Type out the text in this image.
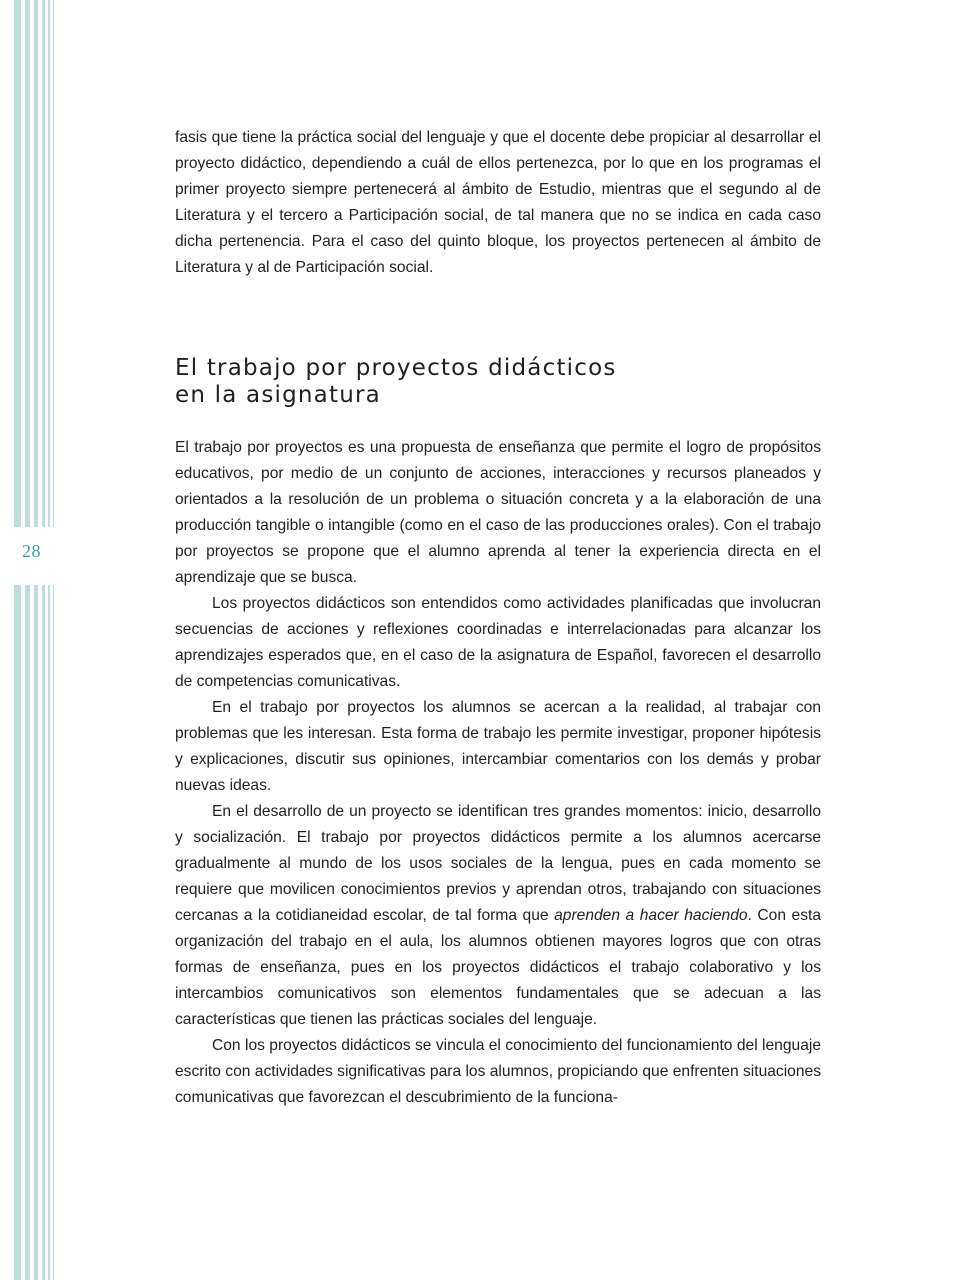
28

fasis que tiene la práctica social del lenguaje y que el docente debe propiciar al desarrollar el proyecto didáctico, dependiendo a cuál de ellos pertenezca, por lo que en los programas el primer proyecto siempre pertenecerá al ámbito de Estudio, mientras que el segundo al de Literatura y el tercero a Participación social, de tal manera que no se indica en cada caso dicha pertenencia. Para el caso del quinto bloque, los proyectos pertenecen al ámbito de Literatura y al de Participación social.

El trabajo por proyectos didácticos
en la asignatura

El trabajo por proyectos es una propuesta de enseñanza que permite el logro de propósitos educativos, por medio de un conjunto de acciones, interacciones y recursos planeados y orientados a la resolución de un problema o situación concreta y a la elaboración de una producción tangible o intangible (como en el caso de las producciones orales). Con el trabajo por proyectos se propone que el alumno aprenda al tener la experiencia directa en el aprendizaje que se busca.

Los proyectos didácticos son entendidos como actividades planificadas que involucran secuencias de acciones y reflexiones coordinadas e interrelacionadas para alcanzar los aprendizajes esperados que, en el caso de la asignatura de Español, favorecen el desarrollo de competencias comunicativas.

En el trabajo por proyectos los alumnos se acercan a la realidad, al trabajar con problemas que les interesan. Esta forma de trabajo les permite investigar, proponer hipótesis y explicaciones, discutir sus opiniones, intercambiar comentarios con los demás y probar nuevas ideas.

En el desarrollo de un proyecto se identifican tres grandes momentos: inicio, desarrollo y socialización. El trabajo por proyectos didácticos permite a los alumnos acercarse gradualmente al mundo de los usos sociales de la lengua, pues en cada momento se requiere que movilicen conocimientos previos y aprendan otros, trabajando con situaciones cercanas a la cotidianeidad escolar, de tal forma que aprenden a hacer haciendo. Con esta organización del trabajo en el aula, los alumnos obtienen mayores logros que con otras formas de enseñanza, pues en los proyectos didácticos el trabajo colaborativo y los intercambios comunicativos son elementos fundamentales que se adecuan a las características que tienen las prácticas sociales del lenguaje.

Con los proyectos didácticos se vincula el conocimiento del funcionamiento del lenguaje escrito con actividades significativas para los alumnos, propiciando que enfrenten situaciones comunicativas que favorezcan el descubrimiento de la funciona-
